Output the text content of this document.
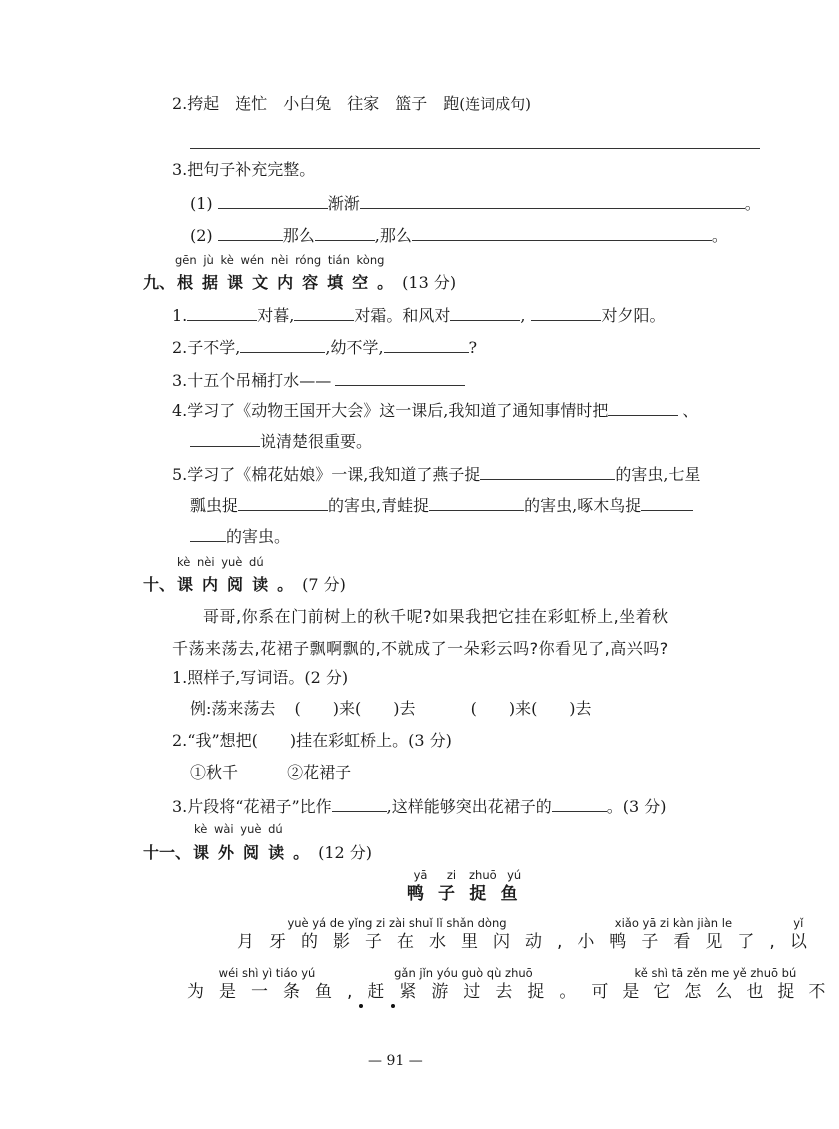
2.挎起　连忙　小白兔　往家　篮子　跑(连词成句)
3.把句子补充完整。
(1)	渐渐	。
(2)	那么	,那么	。
gēn jù kè wén nèi róng tián kòng
九、 根 据 课 文 内 容 填 空 。 (13 分)
1.	对暮,	对霜。和风对	,	对夕阳。
2.子不学,	,幼不学,	?
3.十五个吊桶打水——
4.学习了《动物王国开大会》这一课后,我知道了通知事情时把	、
说清楚很重要。
5.学习了《棉花姑娘》一课,我知道了燕子捉	的害虫,七星
瓢虫捉	的害虫,青蛙捉	的害虫,啄木鸟捉
的害虫。
kè nèi yuè dú
十、 课 内 阅 读 。 (7 分)
哥哥,你系在门前树上的秋千呢?如果我把它挂在彩虹桥上,坐着秋
千荡来荡去,花裙子飘啊飘的,不就成了一朵彩云吗?你看见了,高兴吗?
1.照样子,写词语。(2 分)
例:荡来荡去 (　　)来(　　)去	(　　)来(　　)去
2.“我”想把(　　)挂在彩虹桥上。(3 分)
①秋千	②花裙子
3.片段将“花裙子”比作	,这样能够突出花裙子的	。(3 分)
kè wài yuè dú
十一、 课 外 阅 读 。 (12 分)
yā
鸭
zi
子
zhuō
捉
yú
鱼
yuè yá de yǐng zi zài shuǐ lǐ shǎn dòng
月牙的影子在水里闪动 ,
xiǎo yā zi kàn jiàn le
小鸭子看见了 ,
yǐ
以
wéi shì yì tiáo yú
为是一条鱼 ,
gǎn jǐn yóu guò qù zhuō
赶紧游过去捉 。
kě shì tā zěn me yě zhuō bú
可是它怎么也捉不
— 91 —
